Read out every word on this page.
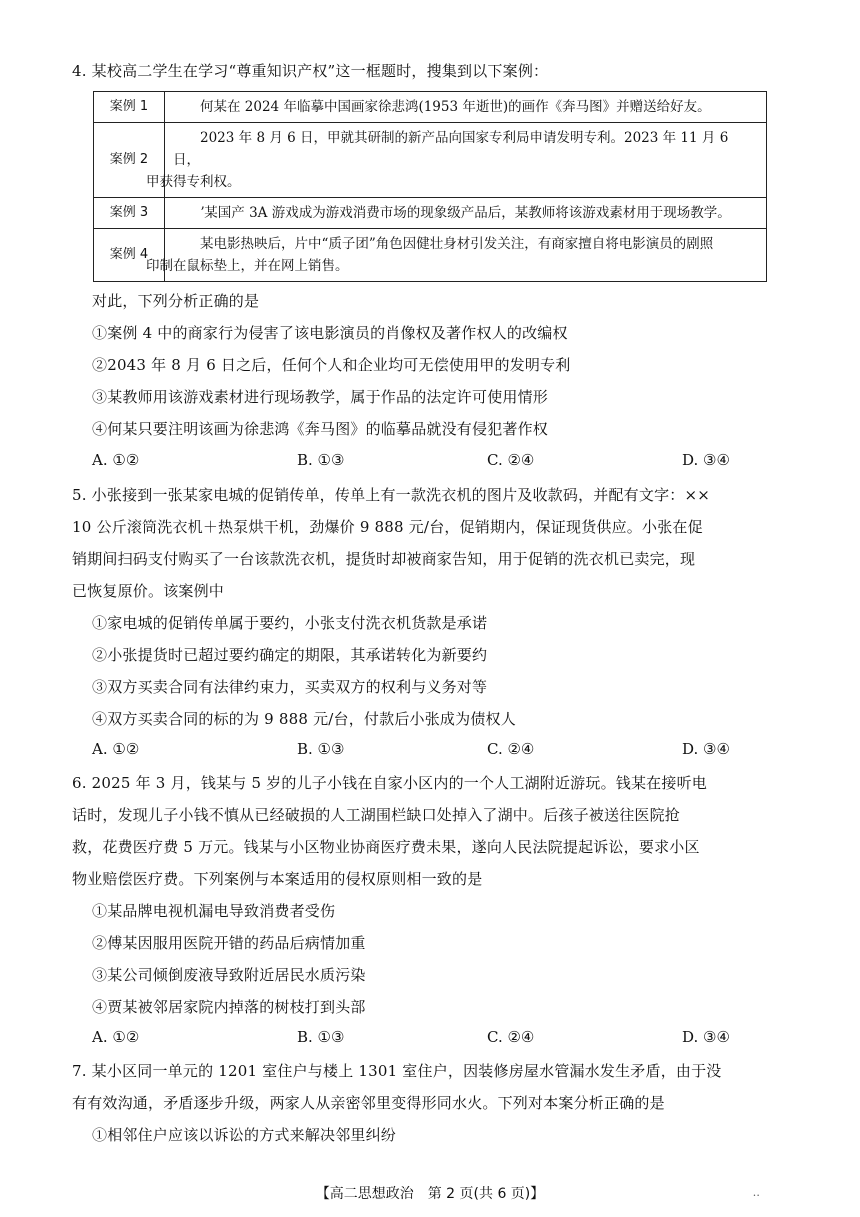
4. 某校高二学生在学习“尊重知识产权”这一框题时，搜集到以下案例：
案例 1	何某在 2024 年临摹中国画家徐悲鸿(1953 年逝世)的画作《奔马图》并赠送给好友。
案例 2	2023 年 8 月 6 日，甲就其研制的新产品向国家专利局申请发明专利。2023 年 11 月 6 日，
甲获得专利权。
案例 3	ʼ某国产 3A 游戏成为游戏消费市场的现象级产品后，某教师将该游戏素材用于现场教学。
案例 4	某电影热映后，片中“质子团”角色因健壮身材引发关注，有商家擅自将电影演员的剧照
印制在鼠标垫上，并在网上销售。
对此，下列分析正确的是
①案例 4 中的商家行为侵害了该电影演员的肖像权及著作权人的改编权
②2043 年 8 月 6 日之后，任何个人和企业均可无偿使用甲的发明专利
③某教师用该游戏素材进行现场教学，属于作品的法定许可使用情形
④何某只要注明该画为徐悲鸿《奔马图》的临摹品就没有侵犯著作权
A. ①②	B. ①③	C. ②④	D. ③④
5. 小张接到一张某家电城的促销传单，传单上有一款洗衣机的图片及收款码，并配有文字：××
10 公斤滚筒洗衣机＋热泵烘干机，劲爆价 9 888 元/台，促销期内，保证现货供应。小张在促
销期间扫码支付购买了一台该款洗衣机，提货时却被商家告知，用于促销的洗衣机已卖完，现
已恢复原价。该案例中
①家电城的促销传单属于要约，小张支付洗衣机货款是承诺
②小张提货时已超过要约确定的期限，其承诺转化为新要约
③双方买卖合同有法律约束力，买卖双方的权利与义务对等
④双方买卖合同的标的为 9 888 元/台，付款后小张成为债权人
A. ①②	B. ①③	C. ②④	D. ③④
6. 2025 年 3 月，钱某与 5 岁的儿子小钱在自家小区内的一个人工湖附近游玩。钱某在接听电
话时，发现儿子小钱不慎从已经破损的人工湖围栏缺口处掉入了湖中。后孩子被送往医院抢
救，花费医疗费 5 万元。钱某与小区物业协商医疗费未果，遂向人民法院提起诉讼，要求小区
物业赔偿医疗费。下列案例与本案适用的侵权原则相一致的是
①某品牌电视机漏电导致消费者受伤
②傅某因服用医院开错的药品后病情加重
③某公司倾倒废液导致附近居民水质污染
④贾某被邻居家院内掉落的树枝打到头部
A. ①②	B. ①③	C. ②④	D. ③④
7. 某小区同一单元的 1201 室住户与楼上 1301 室住户，因装修房屋水管漏水发生矛盾，由于没
有有效沟通，矛盾逐步升级，两家人从亲密邻里变得形同水火。下列对本案分析正确的是
①相邻住户应该以诉讼的方式来解决邻里纠纷
【高二思想政治　第 2 页(共 6 页)】	‥
